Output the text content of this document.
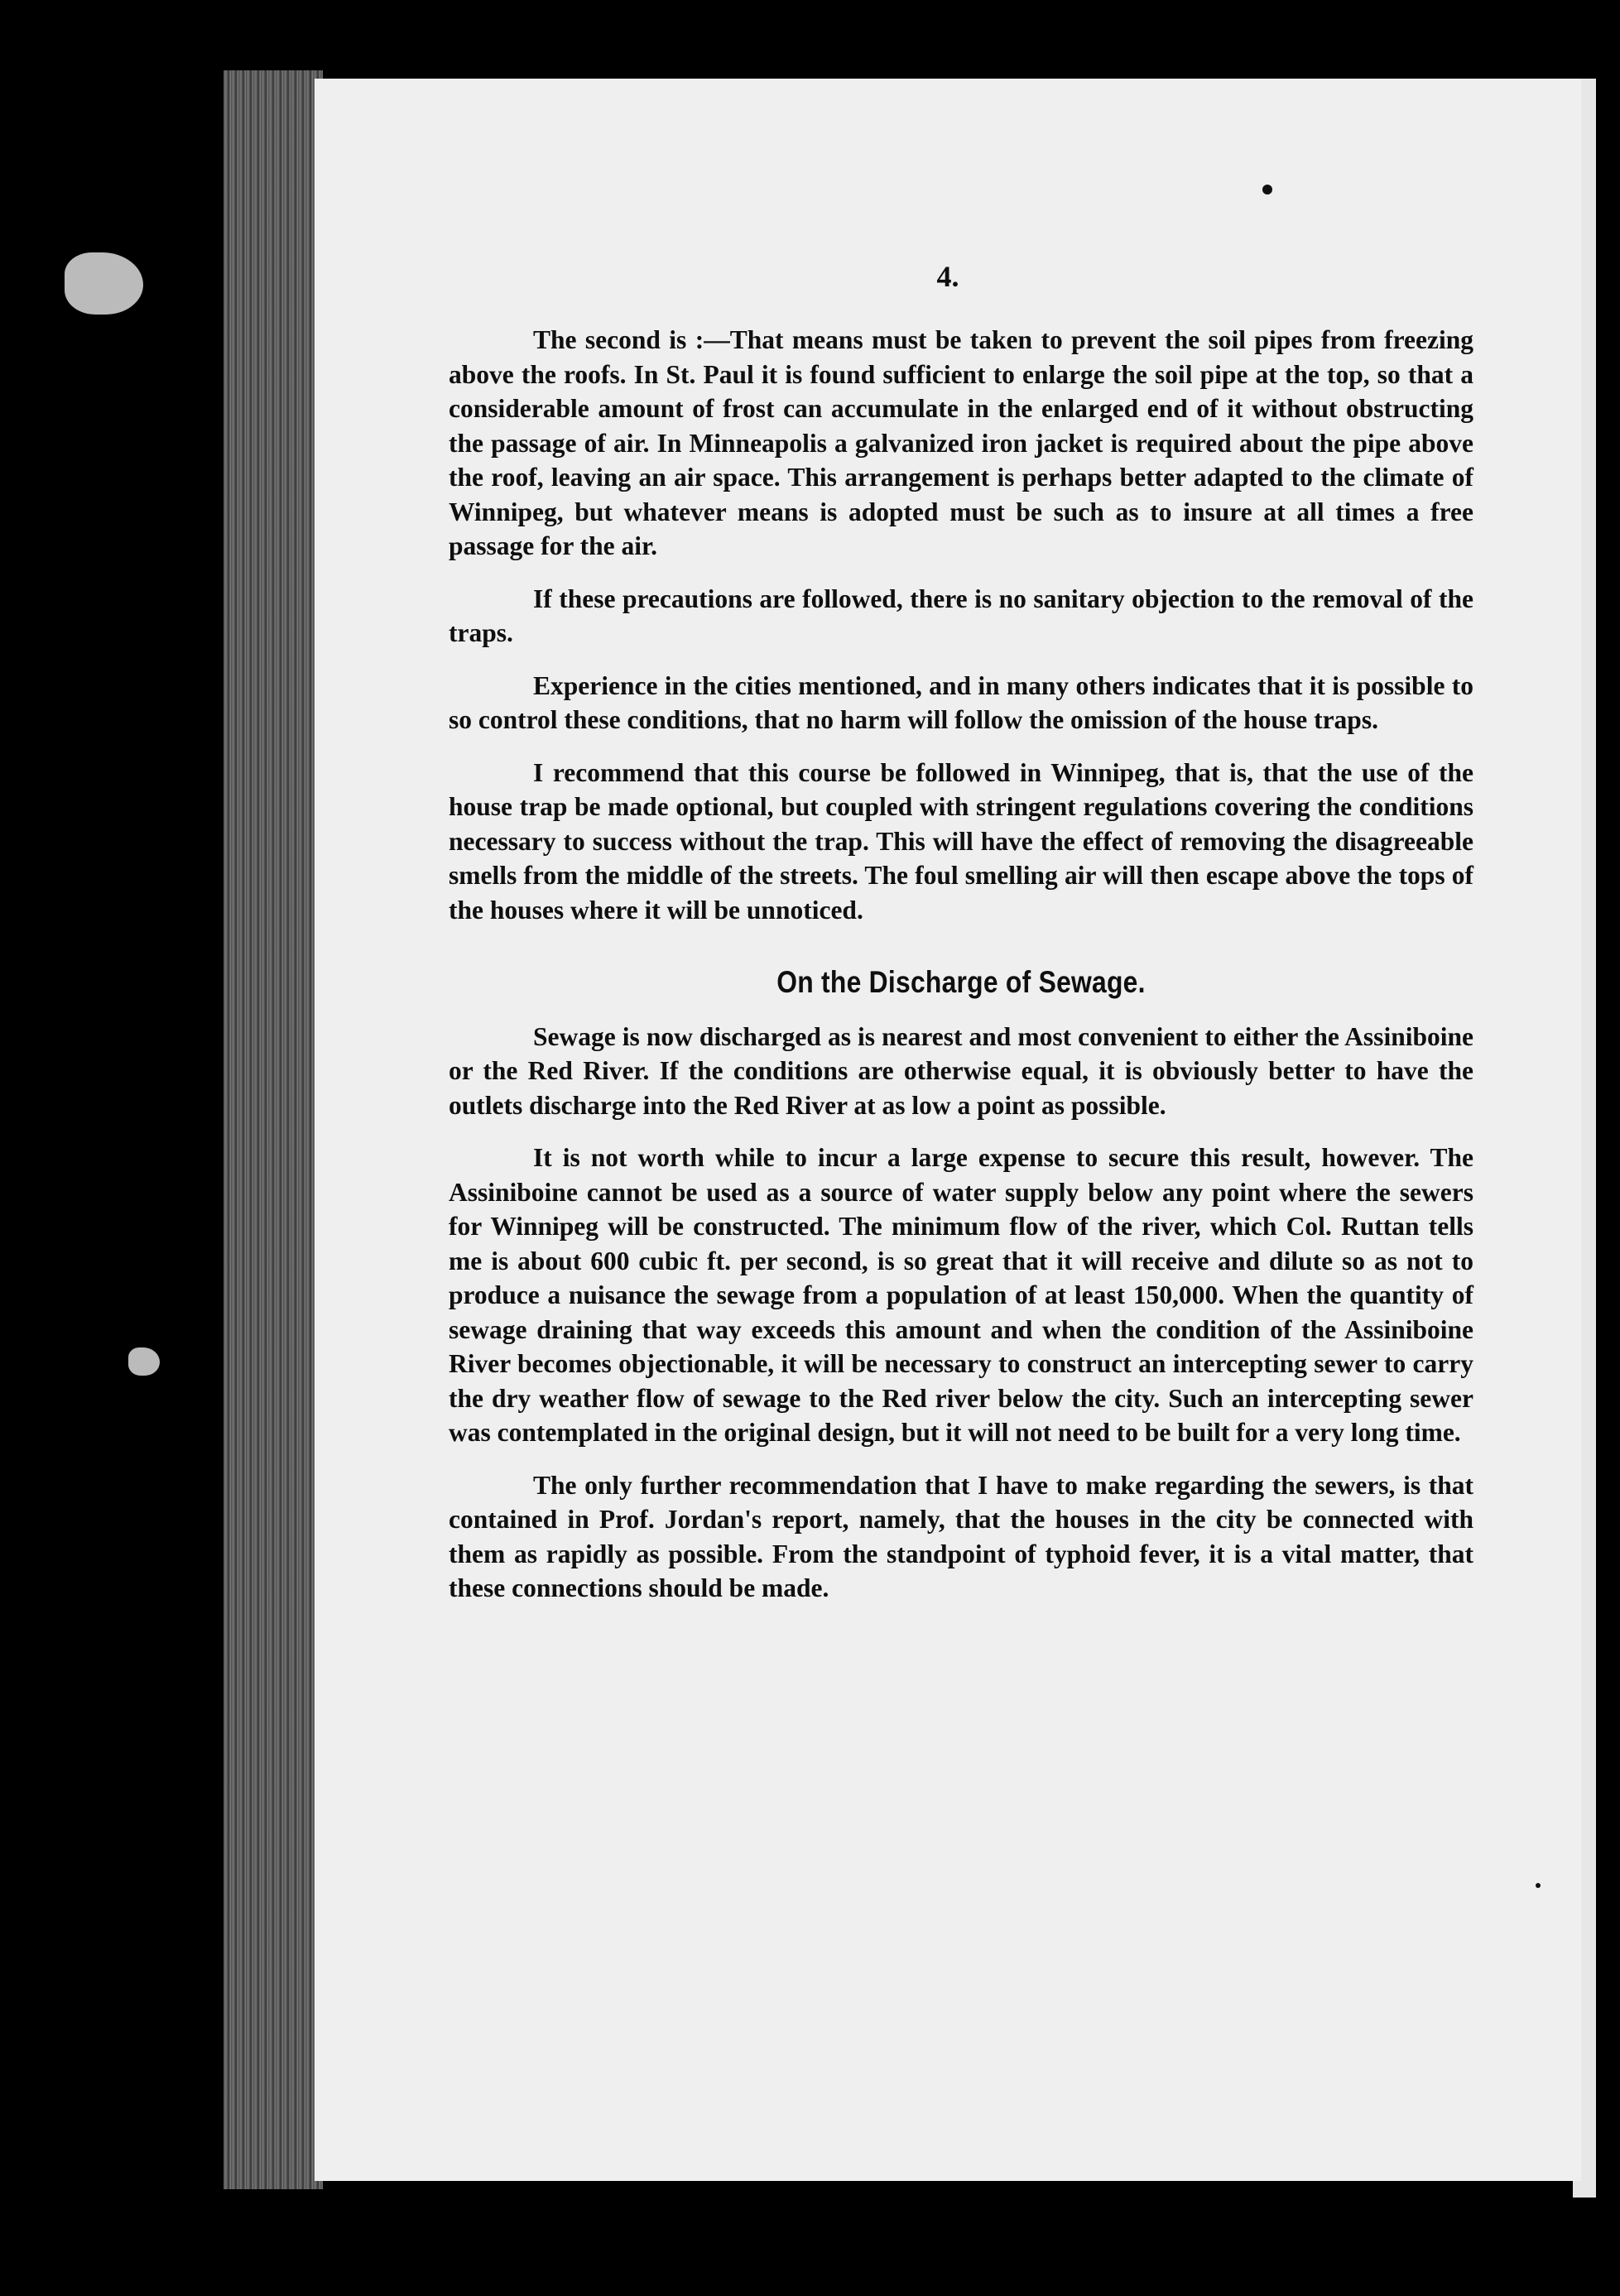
4.

The second is :—That means must be taken to prevent the soil pipes from freezing above the roofs. In St. Paul it is found sufficient to enlarge the soil pipe at the top, so that a considerable amount of frost can accumulate in the enlarged end of it without obstructing the passage of air. In Minneapolis a galvanized iron jacket is required about the pipe above the roof, leaving an air space. This arrangement is perhaps better adapted to the climate of Winnipeg, but whatever means is adopted must be such as to insure at all times a free passage for the air.

If these precautions are followed, there is no sanitary objection to the removal of the traps.

Experience in the cities mentioned, and in many others indicates that it is possible to so control these conditions, that no harm will follow the omission of the house traps.

I recommend that this course be followed in Winnipeg, that is, that the use of the house trap be made optional, but coupled with stringent regulations covering the conditions necessary to success without the trap. This will have the effect of removing the disagreeable smells from the middle of the streets. The foul smelling air will then escape above the tops of the houses where it will be unnoticed.

On the Discharge of Sewage.

Sewage is now discharged as is nearest and most convenient to either the Assiniboine or the Red River. If the conditions are otherwise equal, it is obviously better to have the outlets discharge into the Red River at as low a point as possible.

It is not worth while to incur a large expense to secure this result, however. The Assiniboine cannot be used as a source of water supply below any point where the sewers for Winnipeg will be constructed. The minimum flow of the river, which Col. Ruttan tells me is about 600 cubic ft. per second, is so great that it will receive and dilute so as not to produce a nuisance the sewage from a population of at least 150,000. When the quantity of sewage draining that way exceeds this amount and when the condition of the Assiniboine River becomes objectionable, it will be necessary to construct an intercepting sewer to carry the dry weather flow of sewage to the Red river below the city. Such an intercepting sewer was contemplated in the original design, but it will not need to be built for a very long time.

The only further recommendation that I have to make regarding the sewers, is that contained in Prof. Jordan's report, namely, that the houses in the city be connected with them as rapidly as possible. From the standpoint of typhoid fever, it is a vital matter, that these connections should be made.
